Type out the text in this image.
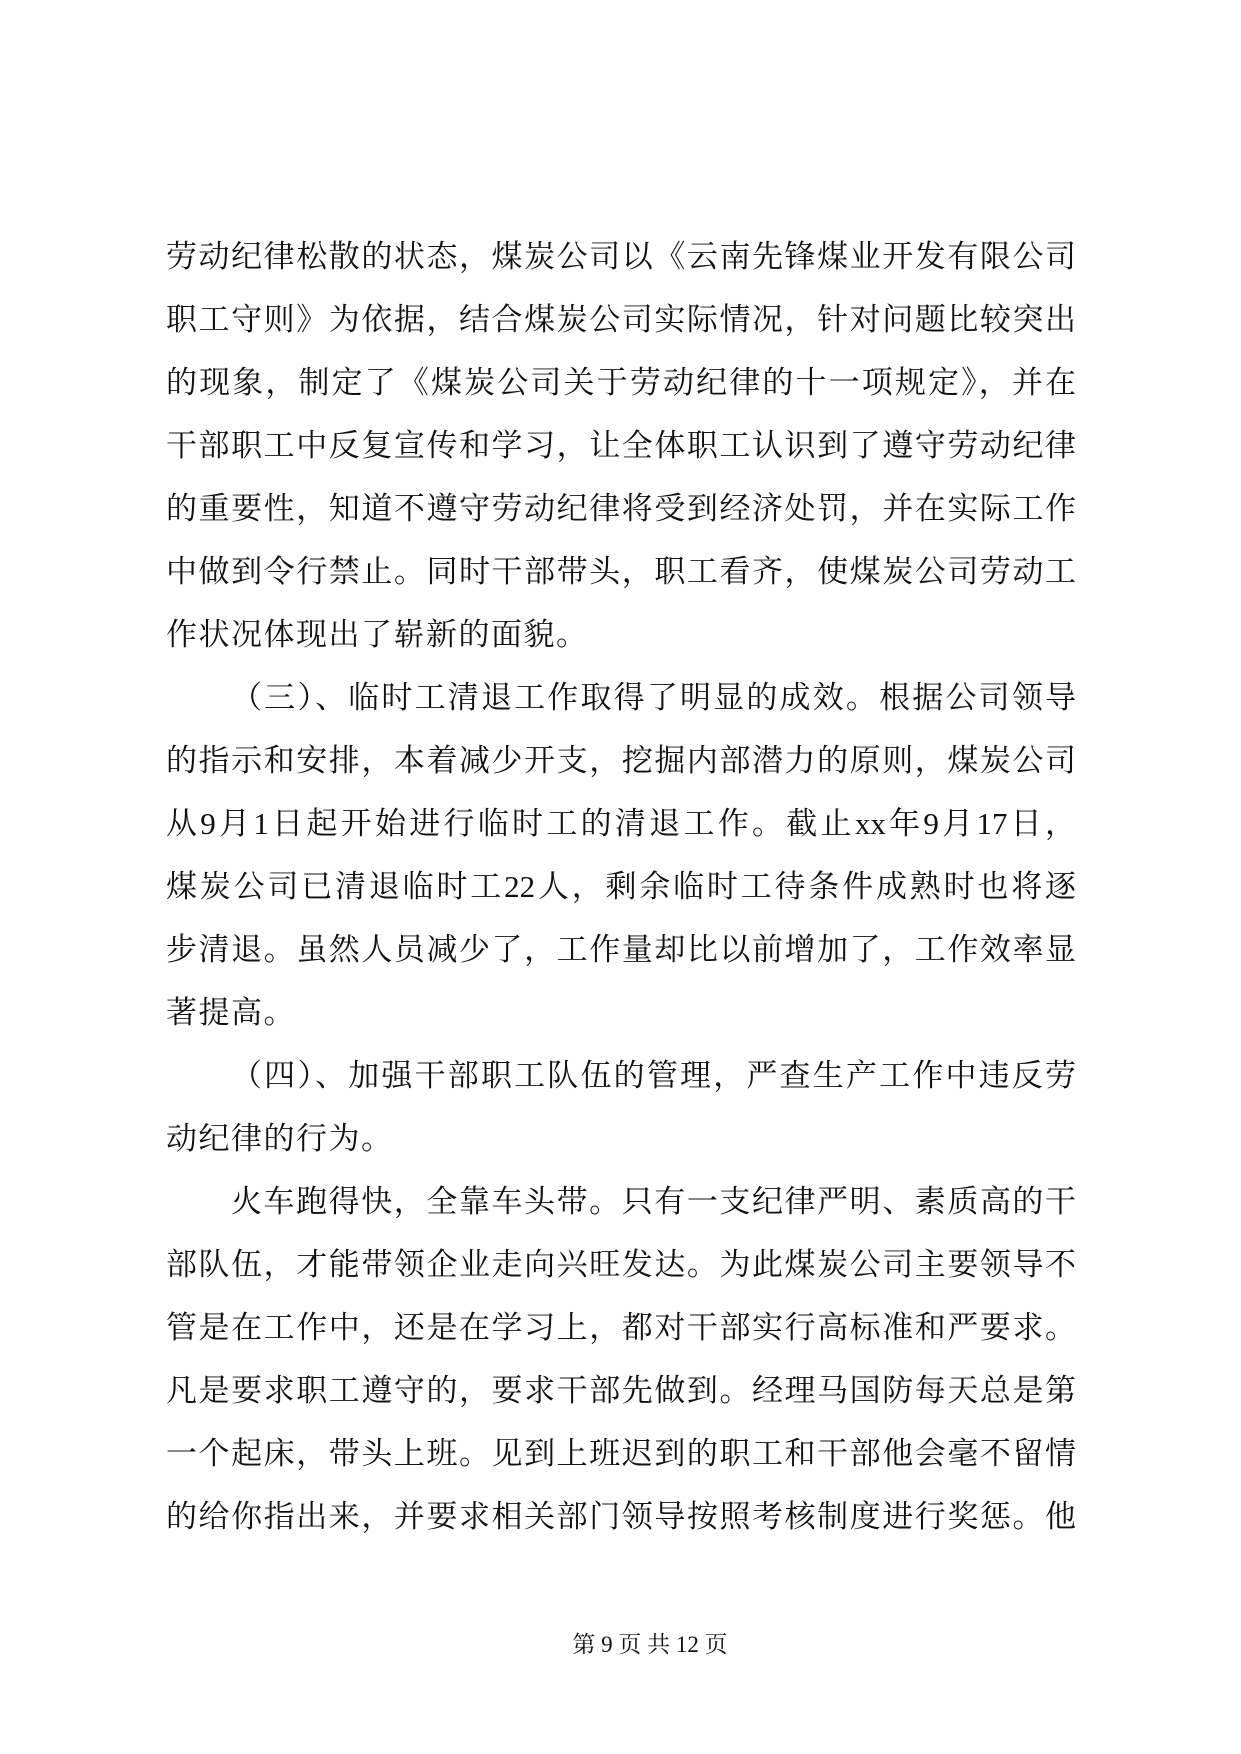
劳动纪律松散的状态，煤炭公司以《云南先锋煤业开发有限公司
职工守则》为依据，结合煤炭公司实际情况，针对问题比较突出
的现象，制定了《煤炭公司关于劳动纪律的十一项规定》，并在
干部职工中反复宣传和学习，让全体职工认识到了遵守劳动纪律
的重要性，知道不遵守劳动纪律将受到经济处罚，并在实际工作
中做到令行禁止。同时干部带头，职工看齐，使煤炭公司劳动工
作状况体现出了崭新的面貌。
（三）、临时工清退工作取得了明显的成效。根据公司领导
的指示和安排，本着减少开支，挖掘内部潜力的原则，煤炭公司
从9月1日起开始进行临时工的清退工作。截止xx年9月17日，
煤炭公司已清退临时工22人，剩余临时工待条件成熟时也将逐
步清退。虽然人员减少了，工作量却比以前增加了，工作效率显
著提高。
（四）、加强干部职工队伍的管理，严查生产工作中违反劳
动纪律的行为。
火车跑得快，全靠车头带。只有一支纪律严明、素质高的干
部队伍，才能带领企业走向兴旺发达。为此煤炭公司主要领导不
管是在工作中，还是在学习上，都对干部实行高标准和严要求。
凡是要求职工遵守的，要求干部先做到。经理马国防每天总是第
一个起床，带头上班。见到上班迟到的职工和干部他会毫不留情
的给你指出来，并要求相关部门领导按照考核制度进行奖惩。他
第 9 页 共 12 页
